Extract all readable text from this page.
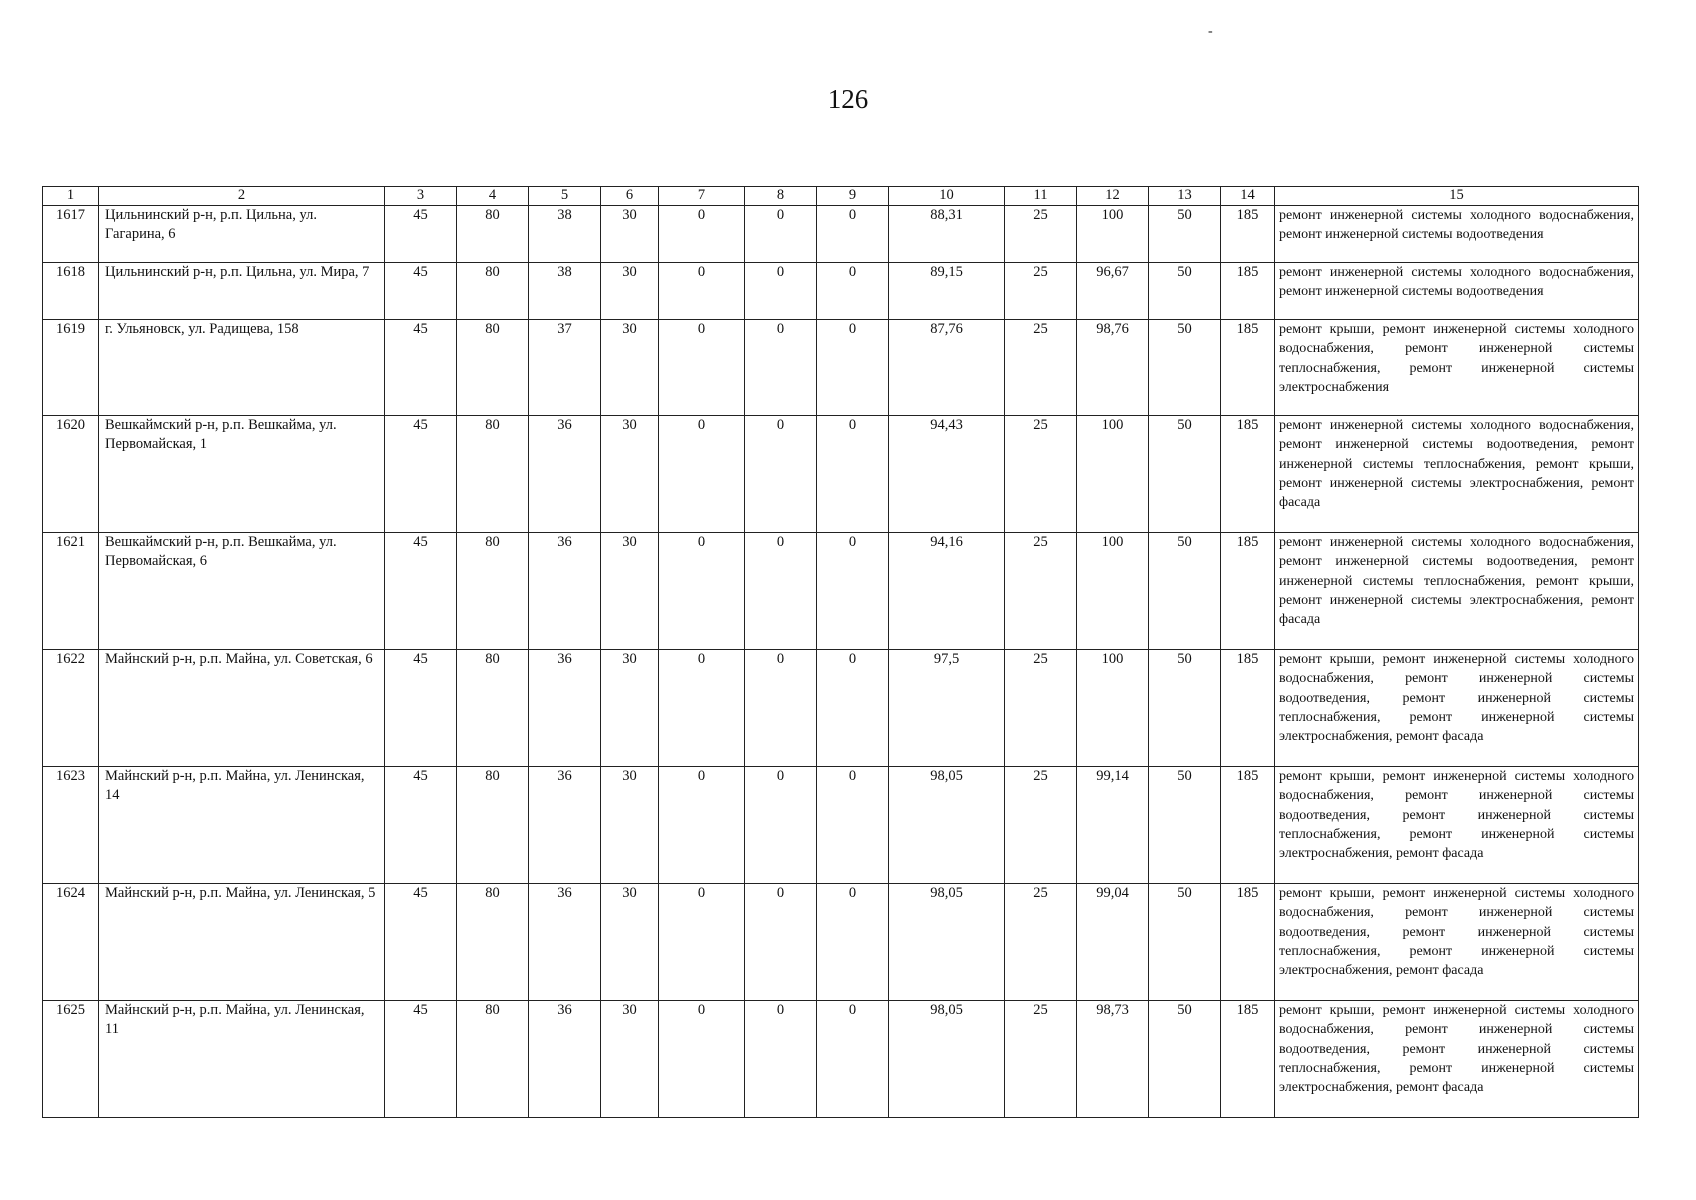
-
126
1	2	3	4	5	6	7	8	9	10	11	12	13	14	15
1617	Цильнинский р-н, р.п. Цильна, ул. Гагарина, 6	45	80	38	30	0	0	0	88,31	25	100	50	185	ремонт инженерной системы холодного водоснабжения, ремонт инженерной системы водоотведения
1618	Цильнинский р-н, р.п. Цильна, ул. Мира, 7	45	80	38	30	0	0	0	89,15	25	96,67	50	185	ремонт инженерной системы холодного водоснабжения, ремонт инженерной системы водоотведения
1619	г. Ульяновск, ул. Радищева, 158	45	80	37	30	0	0	0	87,76	25	98,76	50	185	ремонт крыши, ремонт инженерной системы холодного водоснабжения, ремонт инженерной системы теплоснабжения, ремонт инженерной системы электроснабжения
1620	Вешкаймский р-н, р.п. Вешкайма, ул. Первомайская, 1	45	80	36	30	0	0	0	94,43	25	100	50	185	ремонт инженерной системы холодного водоснабжения, ремонт инженерной системы водоотведения, ремонт инженерной системы теплоснабжения, ремонт крыши, ремонт инженерной системы электроснабжения, ремонт фасада
1621	Вешкаймский р-н, р.п. Вешкайма, ул. Первомайская, 6	45	80	36	30	0	0	0	94,16	25	100	50	185	ремонт инженерной системы холодного водоснабжения, ремонт инженерной системы водоотведения, ремонт инженерной системы теплоснабжения, ремонт крыши, ремонт инженерной системы электроснабжения, ремонт фасада
1622	Майнский р-н, р.п. Майна, ул. Советская, 6	45	80	36	30	0	0	0	97,5	25	100	50	185	ремонт крыши, ремонт инженерной системы холодного водоснабжения, ремонт инженерной системы водоотведения, ремонт инженерной системы теплоснабжения, ремонт инженерной системы электроснабжения, ремонт фасада
1623	Майнский р-н, р.п. Майна, ул. Ленинская, 14	45	80	36	30	0	0	0	98,05	25	99,14	50	185	ремонт крыши, ремонт инженерной системы холодного водоснабжения, ремонт инженерной системы водоотведения, ремонт инженерной системы теплоснабжения, ремонт инженерной системы электроснабжения, ремонт фасада
1624	Майнский р-н, р.п. Майна, ул. Ленинская, 5	45	80	36	30	0	0	0	98,05	25	99,04	50	185	ремонт крыши, ремонт инженерной системы холодного водоснабжения, ремонт инженерной системы водоотведения, ремонт инженерной системы теплоснабжения, ремонт инженерной системы электроснабжения, ремонт фасада
1625	Майнский р-н, р.п. Майна, ул. Ленинская, 11	45	80	36	30	0	0	0	98,05	25	98,73	50	185	ремонт крыши, ремонт инженерной системы холодного водоснабжения, ремонт инженерной системы водоотведения, ремонт инженерной системы теплоснабжения, ремонт инженерной системы электроснабжения, ремонт фасада
